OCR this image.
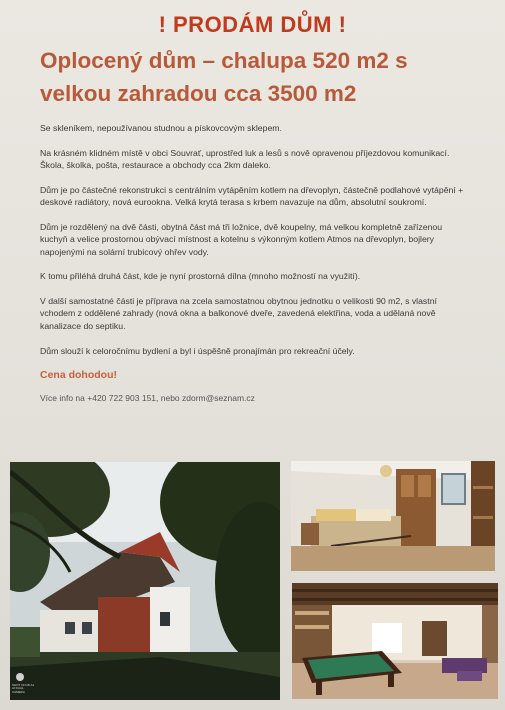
! PRODÁM DŮM !
Oplocený dům – chalupa 520 m2 s
velkou zahradou cca 3500 m2

Se skleníkem, nepoužívanou studnou a pískovcovým sklepem.

Na krásném klidném místě v obci Souvrať, uprostřed luk a lesů s nově opravenou příjezdovou komunikací. Škola, školka, pošta, restaurace a obchody cca 2km daleko.

Dům je po částečné rekonstrukci s centrálním vytápěním kotlem na dřevoplyn, částečně podlahové vytápění + deskové radiátory, nová eurookna. Velká krytá terasa s krbem navazuje na dům, absolutní soukromí.

Dům je rozdělený na dvě části, obytná část má tři ložnice, dvě koupelny, má velkou kompletně zařízenou kuchyň a velice prostornou obývací místnost a kotelnu s výkonným kotlem Atmos na dřevoplyn, bojlery napojenými na solární trubicový ohřev vody.

K tomu přiléhá druhá část, kde je nyní prostorná dílna (mnoho možností na využití).

V další samostatné části je příprava na zcela samostatnou obytnou jednotku o velikosti 90 m2, s vlastní vchodem z oddělené zahrady (nová okna a balkonové dveře, zavedená elektřina, voda a udělaná nově kanalizace do septiku.

Dům slouží k celoročnímu bydlení a byl i úspěšně pronajímán pro rekreační účely.

Cena dohodou!

Více info na +420 722 903 151, nebo zdorm@seznam.cz

SHOT ON MI A1 AI DUAL CAMERA
